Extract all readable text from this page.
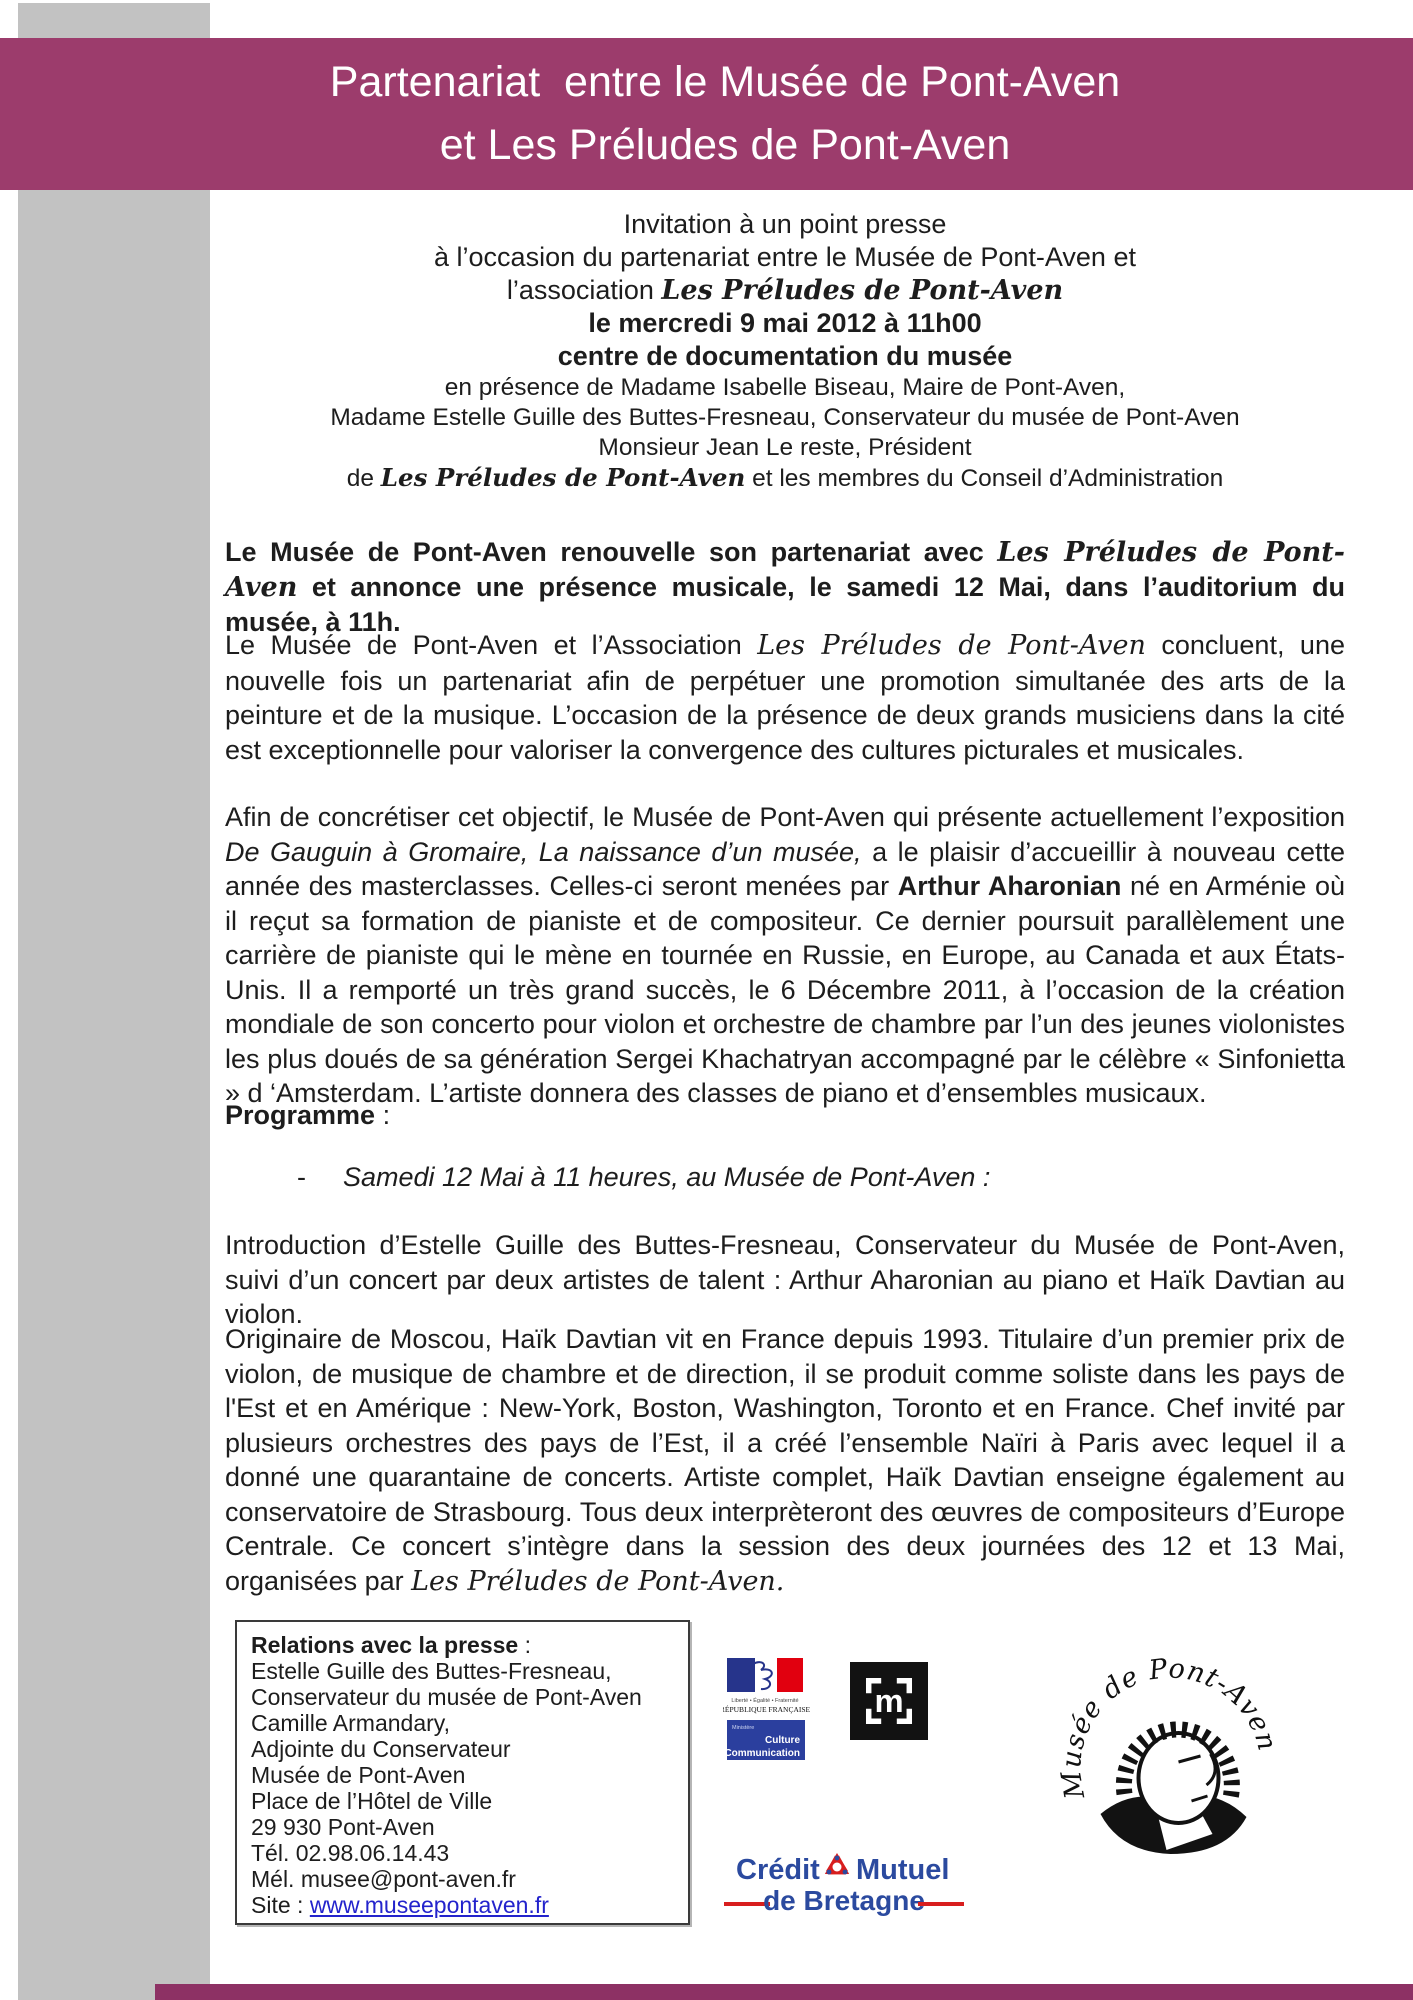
Partenariat  entre le Musée de Pont-Aven
et Les Préludes de Pont-Aven
Invitation à un point presse
à l’occasion du partenariat entre le Musée de Pont-Aven et
l’association Les Préludes de Pont-Aven
le mercredi 9 mai 2012 à 11h00
centre de documentation du musée
en présence de Madame Isabelle Biseau, Maire de Pont-Aven,
Madame Estelle Guille des Buttes-Fresneau, Conservateur du musée de Pont-Aven
Monsieur Jean Le reste, Président
de Les Préludes de Pont-Aven et les membres du Conseil d’Administration
Le Musée de Pont-Aven renouvelle son partenariat avec Les Préludes de Pont-Aven et annonce une présence musicale, le samedi 12 Mai, dans l’auditorium du musée, à 11h.
Le Musée de Pont-Aven et l’Association Les Préludes de Pont-Aven concluent, une nouvelle fois un partenariat afin de perpétuer une promotion simultanée des arts de la peinture et de la musique. L’occasion de la présence de deux grands musiciens dans la cité est exceptionnelle pour valoriser la convergence des cultures picturales et musicales.
Afin de concrétiser cet objectif, le Musée de Pont-Aven qui présente actuellement l’exposition De Gauguin à Gromaire, La naissance d’un musée, a le plaisir d’accueillir à nouveau cette année des masterclasses. Celles-ci seront menées par Arthur Aharonian né en Arménie où il reçut sa formation de pianiste et de compositeur. Ce dernier poursuit parallèlement une carrière de pianiste qui le mène en tournée en Russie, en Europe, au Canada et aux États-Unis. Il a remporté un très grand succès, le 6 Décembre 2011, à l’occasion de la création mondiale de son concerto pour violon et orchestre de chambre par l’un des jeunes violonistes les plus doués de sa génération Sergei Khachatryan accompagné par le célèbre « Sinfonietta » d ‘Amsterdam. L’artiste donnera des classes de piano et d’ensembles musicaux.
Programme :
- Samedi 12 Mai à 11 heures, au Musée de Pont-Aven :
Introduction d’Estelle Guille des Buttes-Fresneau, Conservateur du Musée de Pont-Aven, suivi d’un concert par deux artistes de talent : Arthur Aharonian au piano et Haïk Davtian au violon.
Originaire de Moscou, Haïk Davtian vit en France depuis 1993. Titulaire d’un premier prix de violon, de musique de chambre et de direction, il se produit comme soliste dans les pays de l'Est et en Amérique : New-York, Boston, Washington, Toronto et en France. Chef invité par plusieurs orchestres des pays de l’Est, il a créé l’ensemble Naïri à Paris avec lequel il a donné une quarantaine de concerts. Artiste complet, Haïk Davtian enseigne également au conservatoire de Strasbourg. Tous deux interprèteront des œuvres de compositeurs d’Europe Centrale. Ce concert s’intègre dans la session des deux journées des 12 et 13 Mai, organisées par Les Préludes de Pont-Aven.
Relations avec la presse :
Estelle Guille des Buttes-Fresneau,
Conservateur du musée de Pont-Aven
Camille Armandary,
Adjointe du Conservateur
Musée de Pont-Aven
Place de l’Hôtel de Ville
29 930 Pont-Aven
Tél. 02.98.06.14.43
Mél. musee@pont-aven.fr
Site : www.museepontaven.fr
Liberté • Égalité • Fraternité
RÉPUBLIQUE FRANÇAISE
Ministère
Culture
Communication
m
Musée de Pont-Aven
Crédit Mutuel
de Bretagne
